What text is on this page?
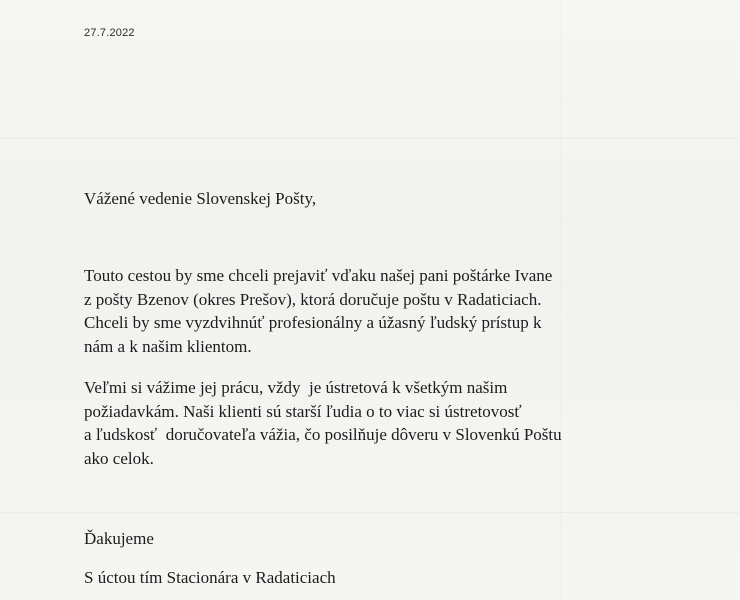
27.7.2022
Vážené vedenie Slovenskej Pošty,
Touto cestou by sme chceli prejaviť vďaku našej pani poštárke Ivane
z pošty Bzenov (okres Prešov), ktorá doručuje poštu v Radaticiach.
Chceli by sme vyzdvihnúť profesionálny a úžasný ľudský prístup k
nám a k našim klientom.
Veľmi si vážime jej prácu, vždy  je ústretová k všetkým našim
požiadavkám. Naši klienti sú starší ľudia o to viac si ústretovosť
a ľudskosť  doručovateľa vážia, čo posilňuje dôveru v Slovenkú Poštu
ako celok.
Ďakujeme
S úctou tím Stacionára v Radaticiach
